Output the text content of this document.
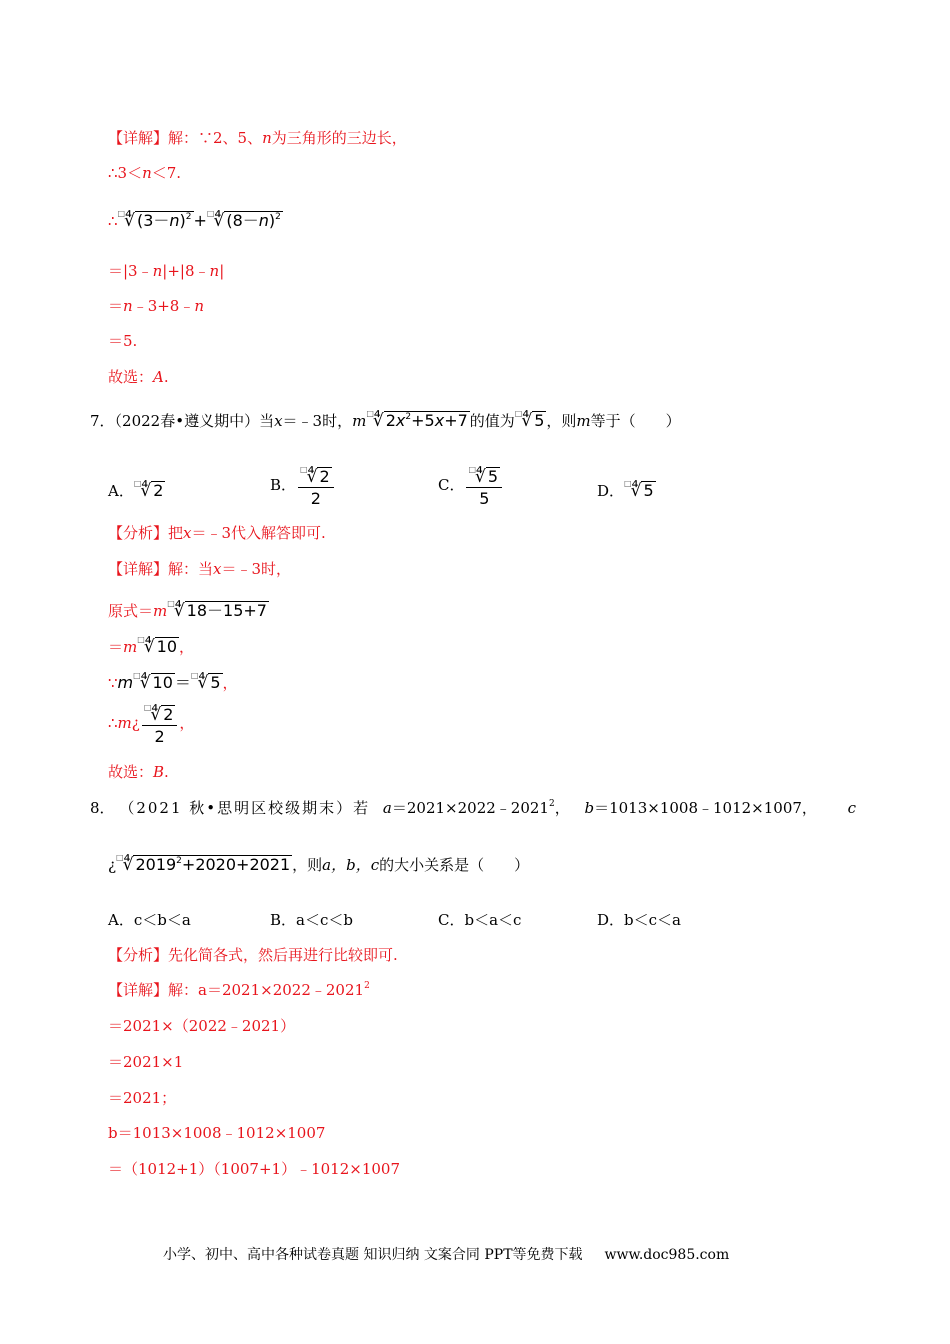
【详解】解：∵2、5、n为三角形的三边长，
∴3＜n＜7.
∴□ ∜ $(3-n)^2 +^□$ ∜ $(8-n)^2$
＝|3﹣n|+|8﹣n|
＝n﹣3+8﹣n
＝5.
故选：A.
7．（2022春•遵义期中）当x＝﹣3时，m□ ∜ $2x^2+5x+7$ 的值为□ ∜ 5 ，则m等于（　　）
A．□ ∜ 2	B． $\frac{^□ ∜ 2}{2}$	C． $\frac{^□ ∜ 5}{5}$	D．□ ∜ 5
【分析】把x＝﹣3代入解答即可.
【详解】解：当x＝﹣3时，
原式＝m□ ∜ 18－15+7
＝m□ ∜ 10 ，
∵m□ ∜ 10 ＝□ ∜ 5 ，
∴m¿ $\frac{^□ ∜ 2}{2}$ ，
故选：B.
8． （2021 秋•思明区校级期末）若 $a=2021\times 2022﹣2021^2$， b＝1013×1008﹣1012×1007， c
¿□ ∜ $2019^2+2020+2021$ ，则a，b，c的大小关系是（　　）
A．c＜b＜a	B．a＜c＜b	C．b＜a＜c	D．b＜c＜a
【分析】先化简各式，然后再进行比较即可.
【详解】解：$a=2021\times 2022﹣2021^2$
＝2021×（2022﹣2021）
＝2021×1
＝2021；
b＝1013×1008﹣1012×1007
＝（1012+1）（1007+1）﹣1012×1007
小学、初中、高中各种试卷真题 知识归纳 文案合同 PPT等免费下载 www.doc985.com
